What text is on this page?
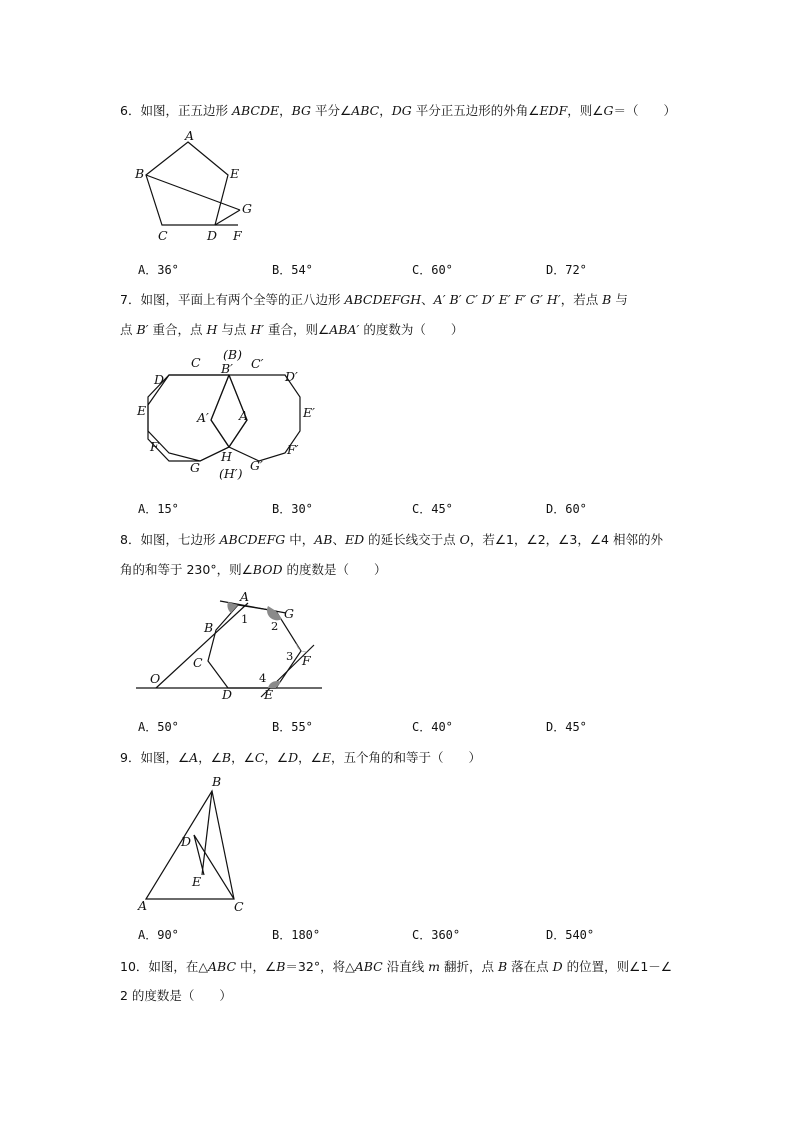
6．如图，正五边形 ABCDE，BG 平分∠ABC，DG 平分正五边形的外角∠EDF，则∠G＝（　　）
A
B	E
G
C	D F
A．36°	B．54°	C．60°	D．72°
7．如图，平面上有两个全等的正八边形 ABCDEFGH、A′ B′ C′ D′ E′ F′ G′ H′，若点 B 与
点 B′ 重合，点 H 与点 H′ 重合，则∠ABA′ 的度数为（　　）
(B)
B′
C	C′
D	D′
E	E′
A′ A
F	F′
G
H
G′
(H′)
A．15°	B．30°	C．45°	D．60°
8．如图，七边形 ABCDEFG 中，AB、ED 的延长线交于点 O，若∠1，∠2，∠3，∠4 相邻的外
角的和等于 230°，则∠BOD 的度数是（　　）
A
G
B
C	F
O
D	E
1 2
3
4
A．50°	B．55°	C．40°	D．45°
9．如图，∠A，∠B，∠C，∠D，∠E，五个角的和等于（　　）
B
D
E
A	C
A．90°	B．180°	C．360°	D．540°
10．如图，在△ABC 中，∠B＝32°，将△ABC 沿直线 m 翻折，点 B 落在点 D 的位置，则∠1－∠
2 的度数是（　　）
